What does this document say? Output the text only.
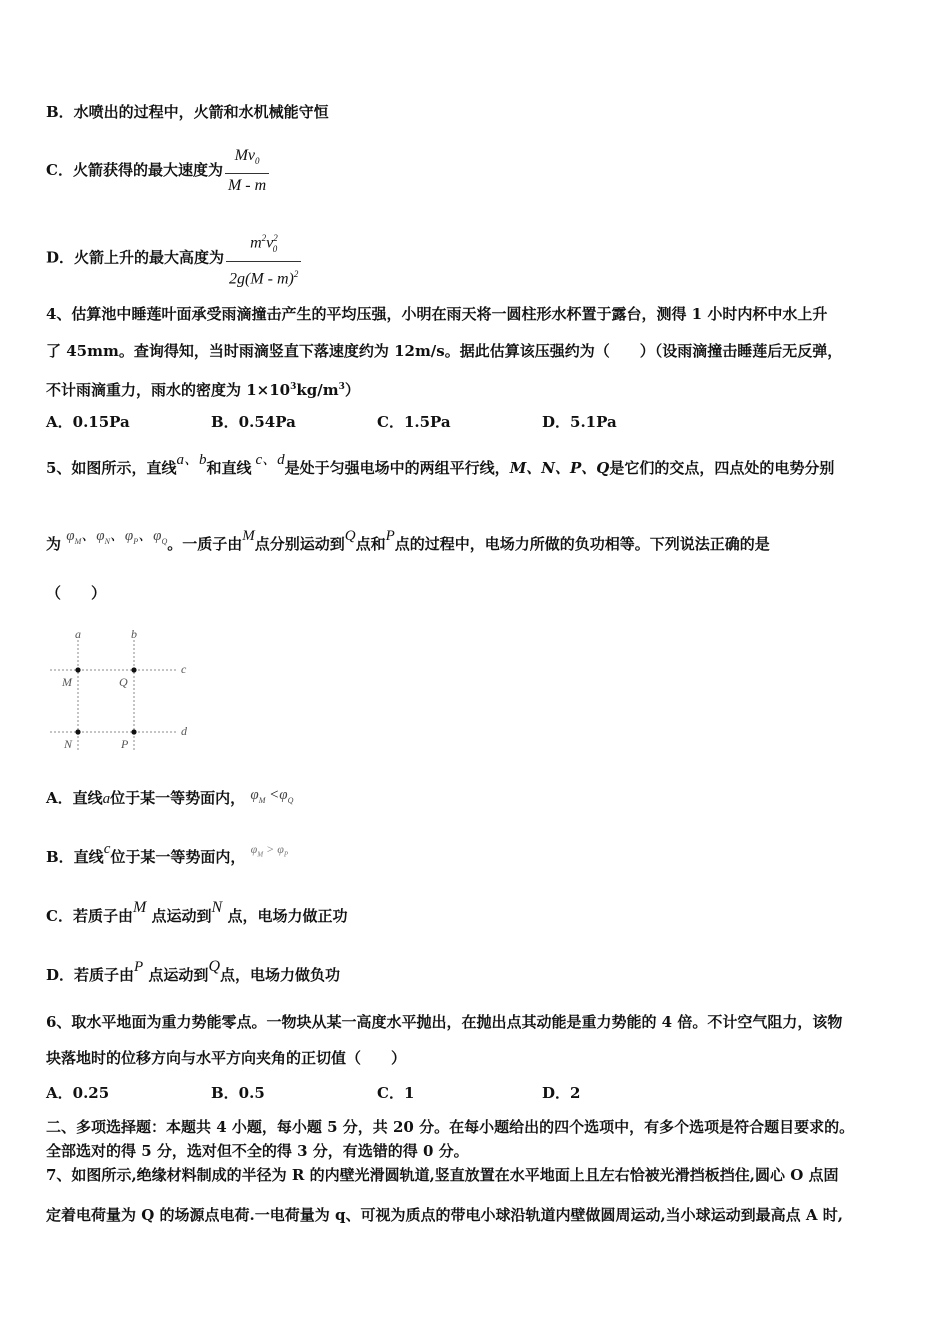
B．水喷出的过程中，火箭和水机械能守恒
C．火箭获得的最大速度为 $\frac{Mv_0}{M - m}$
D．火箭上升的最大高度为 $\frac{m^2v^2_0}{2g(M - m)^2}$
4、估算池中睡莲叶面承受雨滴撞击产生的平均压强，小明在雨天将一圆柱形水杯置于露台，测得 1 小时内杯中水上升
了 45mm。查询得知，当时雨滴竖直下落速度约为 12m/s。据此估算该压强约为（　　）（设雨滴撞击睡莲后无反弹，
不计雨滴重力，雨水的密度为 $1\times 10^3kg/m^3$）
A．0.15Pa	B．0.54Pa	C．1.5Pa	D．5.1Pa
5、如图所示，直线a、b和直线 c、d是处于匀强电场中的两组平行线，M、N、P、Q是它们的交点，四点处的电势分别
为 $\varphi_M$、$\varphi_N$、$\varphi_P$、$\varphi_Q$。一质子由M点分别运动到Q点和P点的过程中，电场力所做的负功相等。下列说法正确的是
（　　）
a	b
c
d
M	Q
N	P
A．直线a位于某一等势面内， $\varphi_M <\varphi_Q$
B．直线c位于某一等势面内， $^{\varphi_M > \varphi_P}$
C．若质子由M 点运动到N 点，电场力做正功
D．若质子由P 点运动到Q点，电场力做负功
6、取水平地面为重力势能零点。一物块从某一高度水平抛出，在抛出点其动能是重力势能的 4 倍。不计空气阻力，该物
块落地时的位移方向与水平方向夹角的正切值（　　）
A．0.25	B．0.5	C．1	D．2
二、多项选择题：本题共 4 小题，每小题 5 分，共 20 分。在每小题给出的四个选项中，有多个选项是符合题目要求的。
全部选对的得 5 分，选对但不全的得 3 分，有选错的得 0 分。
7、如图所示,绝缘材料制成的半径为 R 的内壁光滑圆轨道,竖直放置在水平地面上且左右恰被光滑挡板挡住,圆心 O 点固
定着电荷量为 Q 的场源点电荷.一电荷量为 q、可视为质点的带电小球沿轨道内壁做圆周运动,当小球运动到最高点 A 时,
